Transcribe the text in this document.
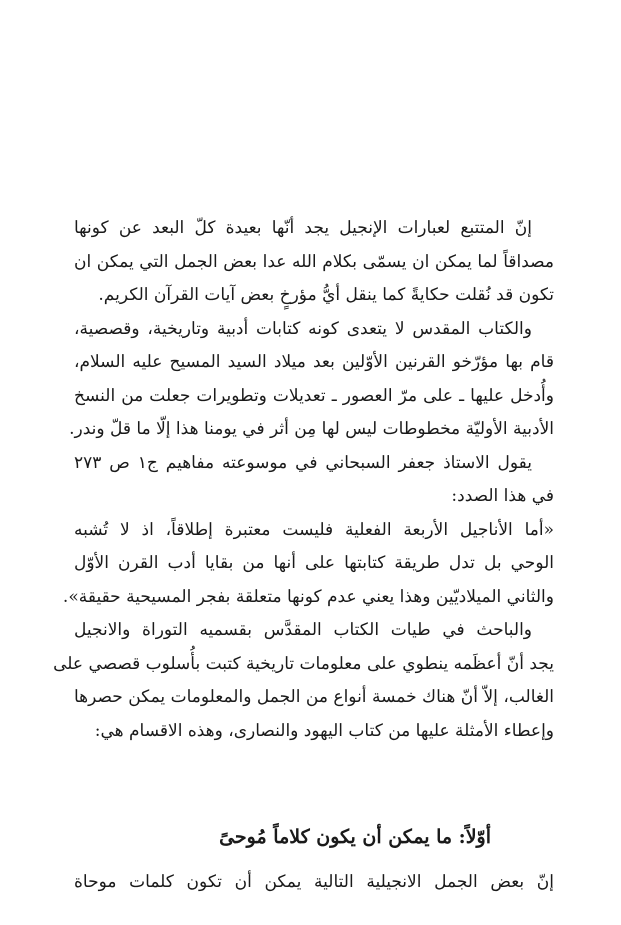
إنّ المتتبع لعبارات الإنجيل يجد أنّها بعيدة كلّ البعد عن كونها
مصداقاً لما يمكن ان يسمّى بكلام الله عدا بعض الجمل التي يمكن ان
تكون قد نُقلت حكايةً كما ينقل أيُّ مؤرخٍ بعض آيات القرآن الكريم.
والكتاب المقدس لا يتعدى كونه كتابات أدبية وتاريخية، وقصصية،
قام بها مؤرّخو القرنين الأوّلين بعد ميلاد السيد المسيح عليه السلام،
وأُدخل عليها ـ على مرّ العصور ـ تعديلات وتطويرات جعلت من النسخ
الأدبية الأوليّة مخطوطات ليس لها مِن أثر في يومنا هذا إلّا ما قلّ وندر.
يقول الاستاذ جعفر السبحاني في موسوعته مفاهيم ج١ ص ٢٧٣
في هذا الصدد:
«أما الأناجيل الأربعة الفعلية فليست معتبرة إطلاقاً، اذ لا تُشبه
الوحي بل تدل طريقة كتابتها على أنها من بقايا أدب القرن الأوّل
والثاني الميلاديّين وهذا يعني عدم كونها متعلقة بفجر المسيحية حقيقة».
والباحث في طيات الكتاب المقدَّس بقسميه التوراة والانجيل
يجد أنّ أعظَمه ينطوي على معلومات تاريخية كتبت بأُسلوب قصصي على
الغالب، إلاّ أنّ هناك خمسة أنواع من الجمل والمعلومات يمكن حصرها
وإعطاء الأمثلة عليها من كتاب اليهود والنصارى، وهذه الاقسام هي:
أوّلاً: ما يمكن أن يكون كلاماً مُوحىً
إنّ بعض الجمل الانجيلية التالية يمكن أن تكون كلمات موحاة
